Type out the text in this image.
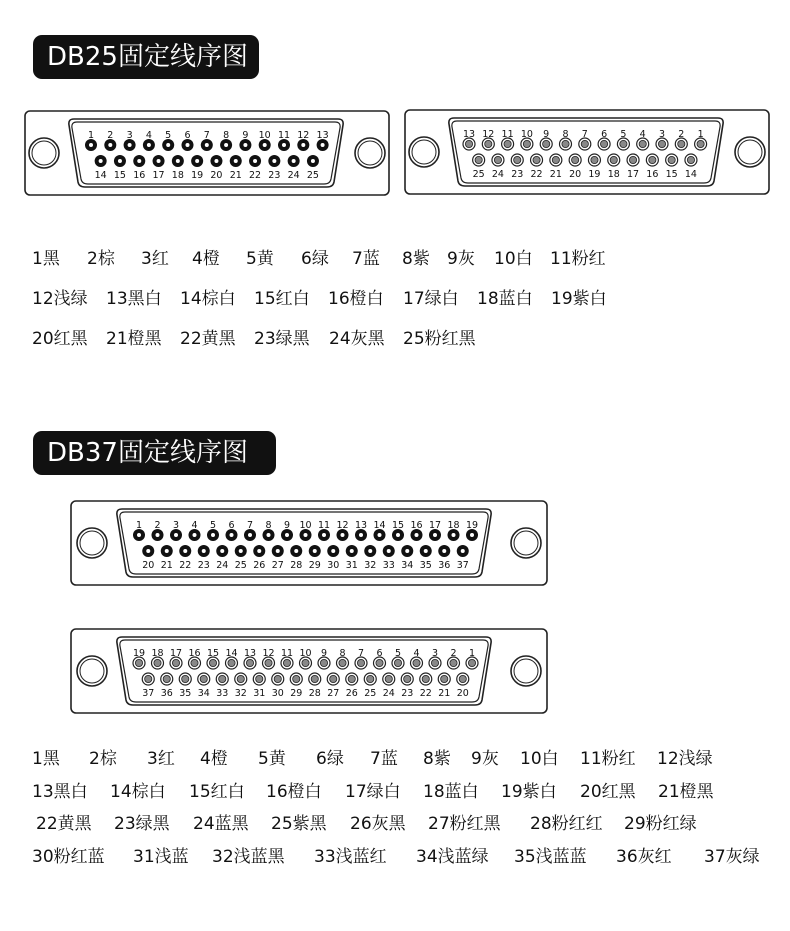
DB25固定线序图
DB37固定线序图
1 2 3 4 5 6 7 8 9 10 11 12 13
14 15 16 17 18 19 20 21 22 23 24 25
13 12 11 10 9 8 7 6 5 4 3 2 1
25 24 23 22 21 20 19 18 17 16 15 14
1 2 3 4 5 6 7 8 9 10 11 12 13 14 15 16 17 18 19
20 21 22 23 24 25 26 27 28 29 30 31 32 33 34 35 36 37
19 18 17 16 15 14 13 12 11 10 9 8 7 6 5 4 3 2 1
37 36 35 34 33 32 31 30 29 28 27 26 25 24 23 22 21 20
1黑 2棕 3红 4橙 5黄 6绿 7蓝 8紫 9灰 10白 11粉红
12浅绿 13黑白 14棕白 15红白 16橙白 17绿白 18蓝白 19紫白
20红黑 21橙黑 22黄黑 23绿黑 24灰黑 25粉红黑
1黑 2棕 3红 4橙 5黄 6绿 7蓝 8紫 9灰 10白 11粉红 12浅绿
13黑白 14棕白 15红白 16橙白 17绿白 18蓝白 19紫白 20红黑 21橙黑
22黄黑 23绿黑 24蓝黑 25紫黑 26灰黑 27粉红黑 28粉红红 29粉红绿
30粉红蓝 31浅蓝 32浅蓝黑 33浅蓝红 34浅蓝绿 35浅蓝蓝 36灰红 37灰绿
